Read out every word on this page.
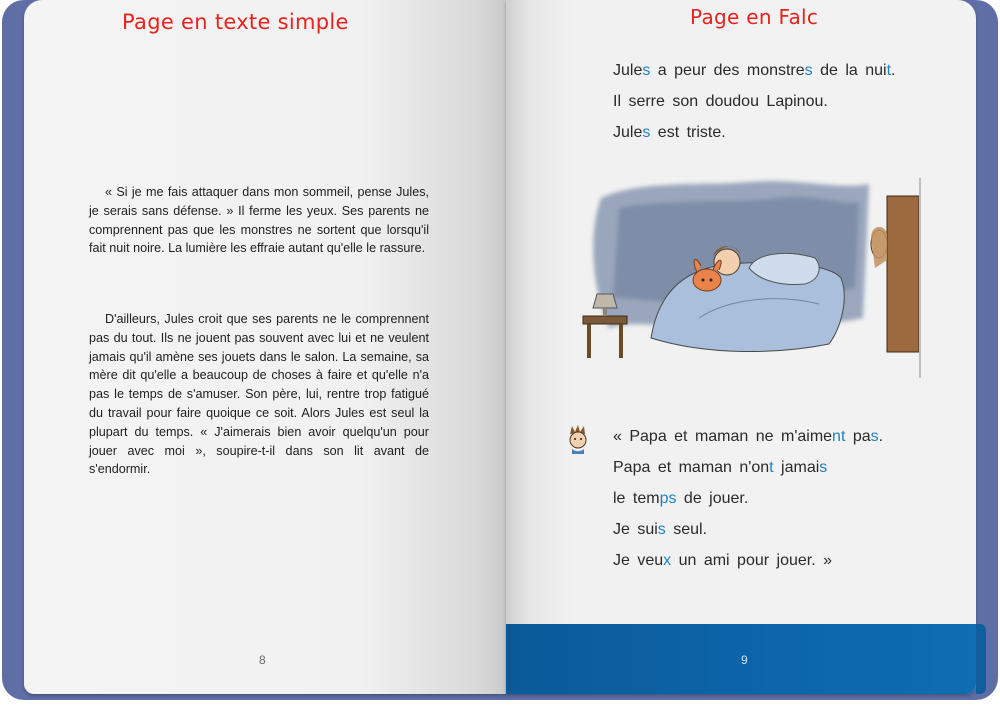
Page en texte simple

« Si je me fais attaquer dans mon sommeil, pense Jules, je serais sans défense. » Il ferme les yeux. Ses parents ne comprennent pas que les monstres ne sortent que lorsqu'il fait nuit noire. La lumière les effraie autant qu'elle le rassure.

D'ailleurs, Jules croit que ses parents ne le comprennent pas du tout. Ils ne jouent pas souvent avec lui et ne veulent jamais qu'il amène ses jouets dans le salon. La semaine, sa mère dit qu'elle a beaucoup de choses à faire et qu'elle n'a pas le temps de s'amuser. Son père, lui, rentre trop fatigué du travail pour faire quoique ce soit. Alors Jules est seul la plupart du temps. « J'aimerais bien avoir quelqu'un pour jouer avec moi », soupire-t-il dans son lit avant de s'endormir.

8
Page en Falc
Jules a peur des monstres de la nuit.
Il serre son doudou Lapinou.
Jules est triste.
« Papa et maman ne m'aiment pas.
Papa et maman n'ont jamais
le temps de jouer.
Je suis seul.
Je veux un ami pour jouer. »
9
